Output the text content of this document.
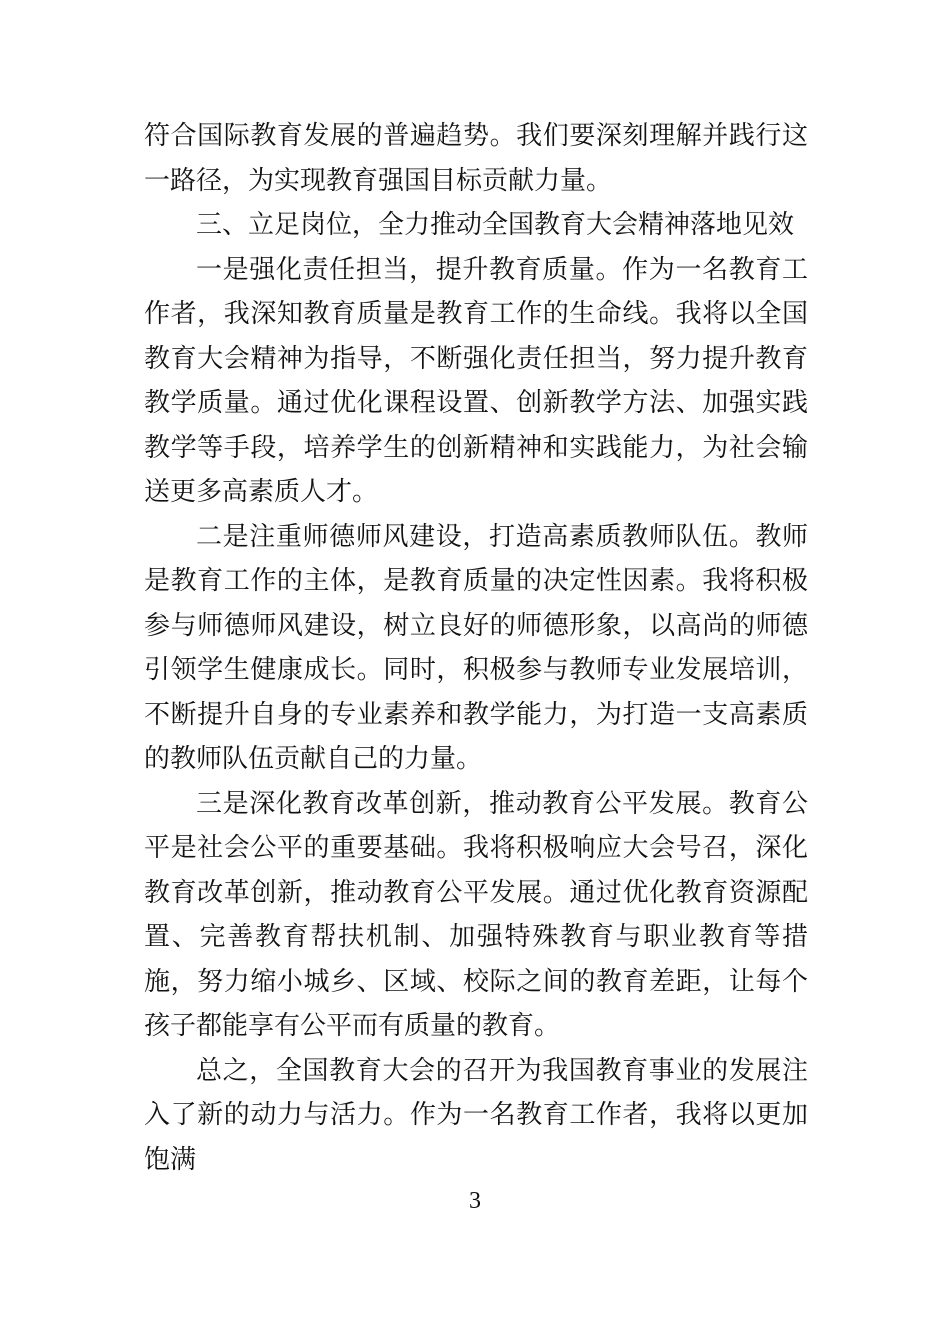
符合国际教育发展的普遍趋势。我们要深刻理解并践行这一路径，为实现教育强国目标贡献力量。

三、立足岗位，全力推动全国教育大会精神落地见效

一是强化责任担当，提升教育质量。作为一名教育工作者，我深知教育质量是教育工作的生命线。我将以全国教育大会精神为指导，不断强化责任担当，努力提升教育教学质量。通过优化课程设置、创新教学方法、加强实践教学等手段，培养学生的创新精神和实践能力，为社会输送更多高素质人才。

二是注重师德师风建设，打造高素质教师队伍。教师是教育工作的主体，是教育质量的决定性因素。我将积极参与师德师风建设，树立良好的师德形象，以高尚的师德引领学生健康成长。同时，积极参与教师专业发展培训，不断提升自身的专业素养和教学能力，为打造一支高素质的教师队伍贡献自己的力量。

三是深化教育改革创新，推动教育公平发展。教育公平是社会公平的重要基础。我将积极响应大会号召，深化教育改革创新，推动教育公平发展。通过优化教育资源配置、完善教育帮扶机制、加强特殊教育与职业教育等措施，努力缩小城乡、区域、校际之间的教育差距，让每个孩子都能享有公平而有质量的教育。

总之，全国教育大会的召开为我国教育事业的发展注入了新的动力与活力。作为一名教育工作者，我将以更加饱满

3
